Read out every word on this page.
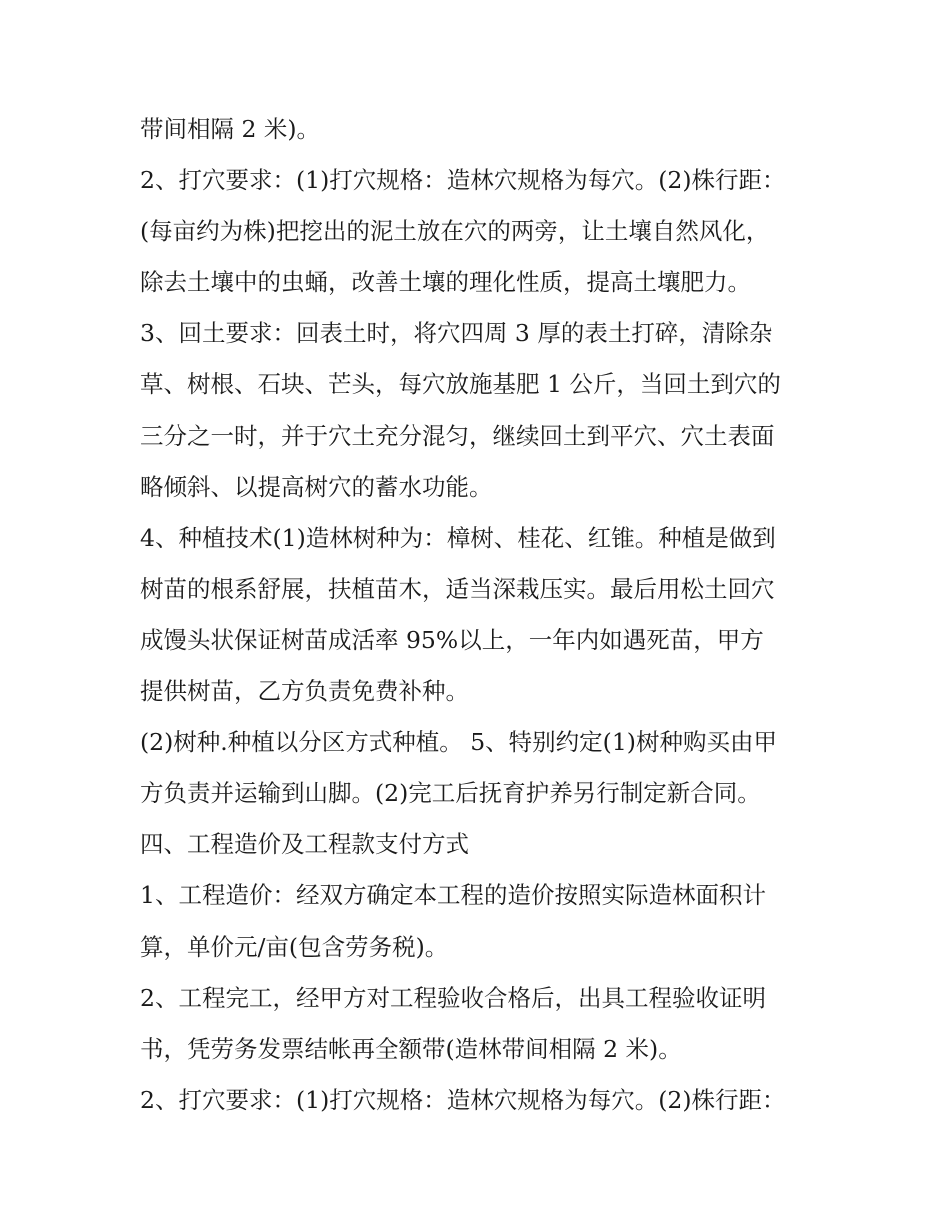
带间相隔 2 米)。
2、打穴要求：(1)打穴规格：造林穴规格为每穴。(2)株行距：
(每亩约为株)把挖出的泥土放在穴的两旁，让土壤自然风化，
除去土壤中的虫蛹，改善土壤的理化性质，提高土壤肥力。
3、回土要求：回表土时，将穴四周 3 厚的表土打碎，清除杂
草、树根、石块、芒头，每穴放施基肥 1 公斤，当回土到穴的
三分之一时，并于穴土充分混匀，继续回土到平穴、穴土表面
略倾斜、以提高树穴的蓄水功能。
4、种植技术(1)造林树种为：樟树、桂花、红锥。种植是做到
树苗的根系舒展，扶植苗木，适当深栽压实。最后用松土回穴
成馒头状保证树苗成活率 95%以上，一年内如遇死苗，甲方
提供树苗，乙方负责免费补种。
(2)树种.种植以分区方式种植。 5、特别约定(1)树种购买由甲
方负责并运输到山脚。(2)完工后抚育护养另行制定新合同。
四、工程造价及工程款支付方式
1、工程造价：经双方确定本工程的造价按照实际造林面积计
算，单价元/亩(包含劳务税)。
2、工程完工，经甲方对工程验收合格后，出具工程验收证明
书，凭劳务发票结帐再全额带(造林带间相隔 2 米)。
2、打穴要求：(1)打穴规格：造林穴规格为每穴。(2)株行距：
